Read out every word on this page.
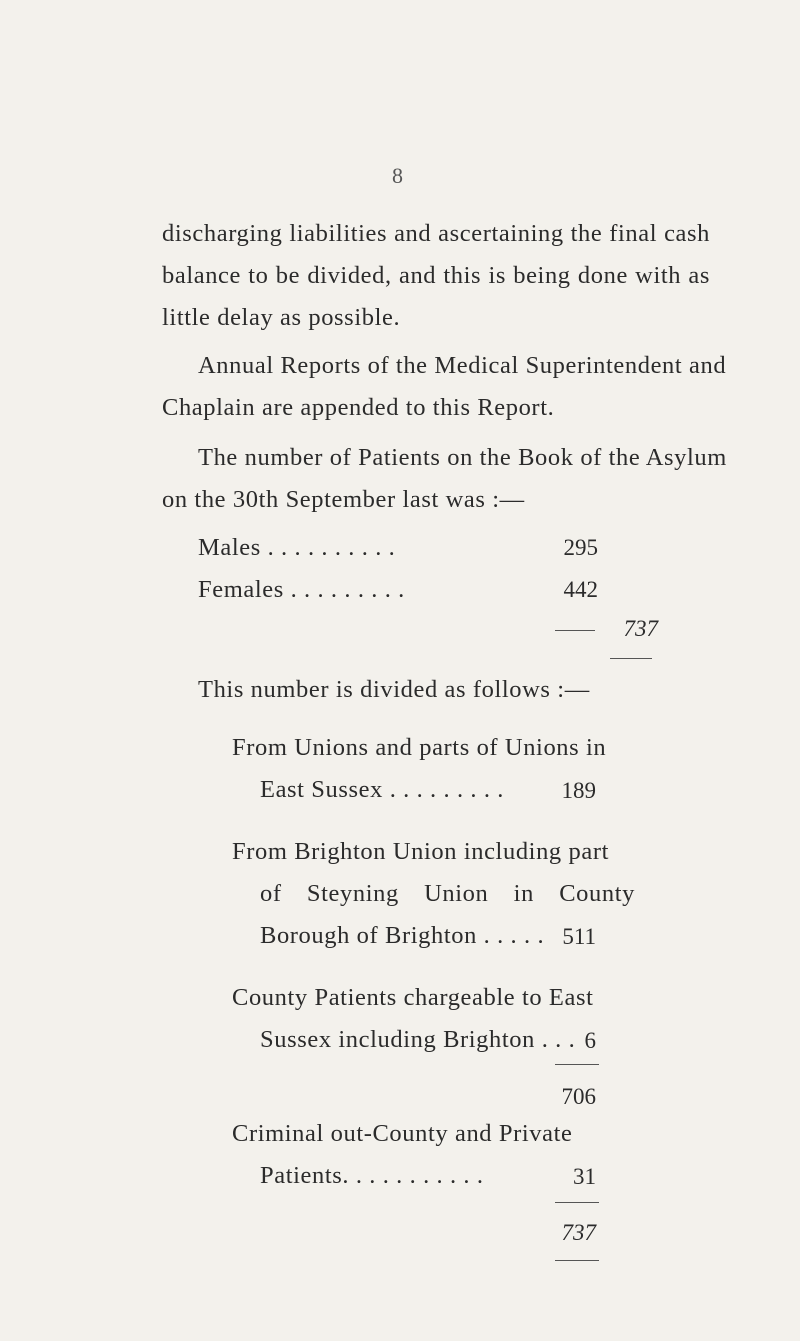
8
discharging liabilities and ascertaining the final cash
balance to be divided, and this is being done with as
little delay as possible.
Annual Reports of the Medical Superintendent and
Chaplain are appended to this Report.
The number of Patients on the Book of the Asylum
on the 30th September last was :—
Males . . . . . . . . . .	295
Females . . . . . . . . .	442
737
This number is divided as follows :—
From Unions and parts of Unions in
East Sussex . . . . . . . . .	189
From Brighton Union including part
of Steyning Union in County
Borough of Brighton . . . . . 511
County Patients chargeable to East
Sussex including Brighton . . . 6
706
Criminal out-County and Private
Patients. . . . . . . . . . .	31
737
